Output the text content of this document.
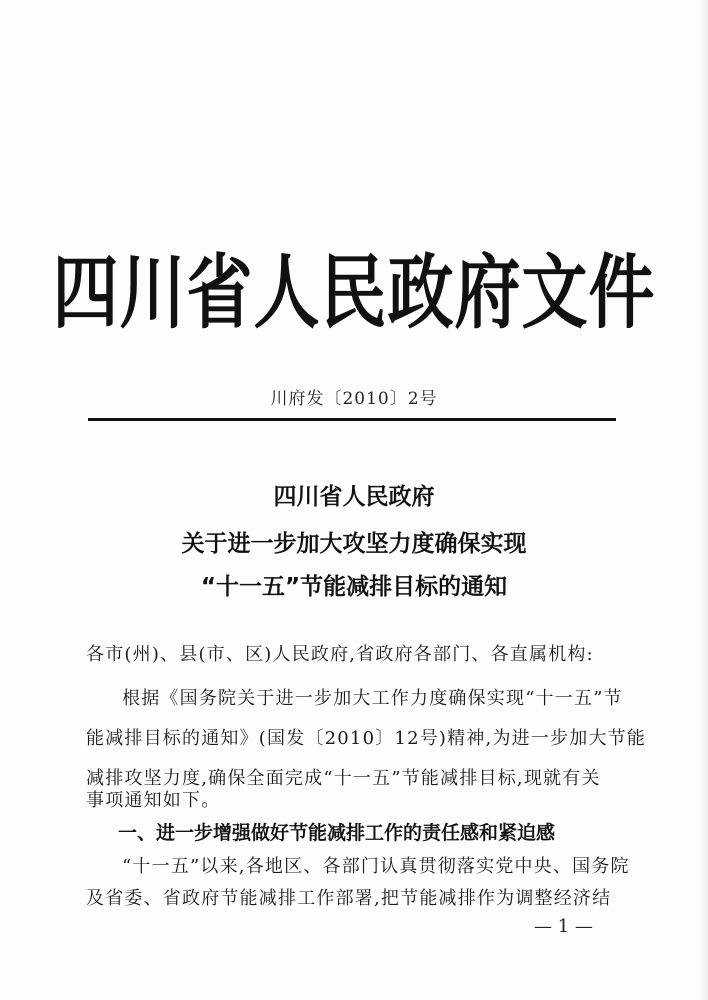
四川省人民政府文件
川府发〔2010〕2号
四川省人民政府
关于进一步加大攻坚力度确保实现
“十一五”节能减排目标的通知
各市(州)、县(市、区)人民政府,省政府各部门、各直属机构:
根据《国务院关于进一步加大工作力度确保实现“十一五”节
能减排目标的通知》(国发〔2010〕12号)精神,为进一步加大节能
减排攻坚力度,确保全面完成“十一五”节能减排目标,现就有关
事项通知如下。
一、进一步增强做好节能减排工作的责任感和紧迫感
“十一五”以来,各地区、各部门认真贯彻落实党中央、国务院
及省委、省政府节能减排工作部署,把节能减排作为调整经济结
— 1 —
